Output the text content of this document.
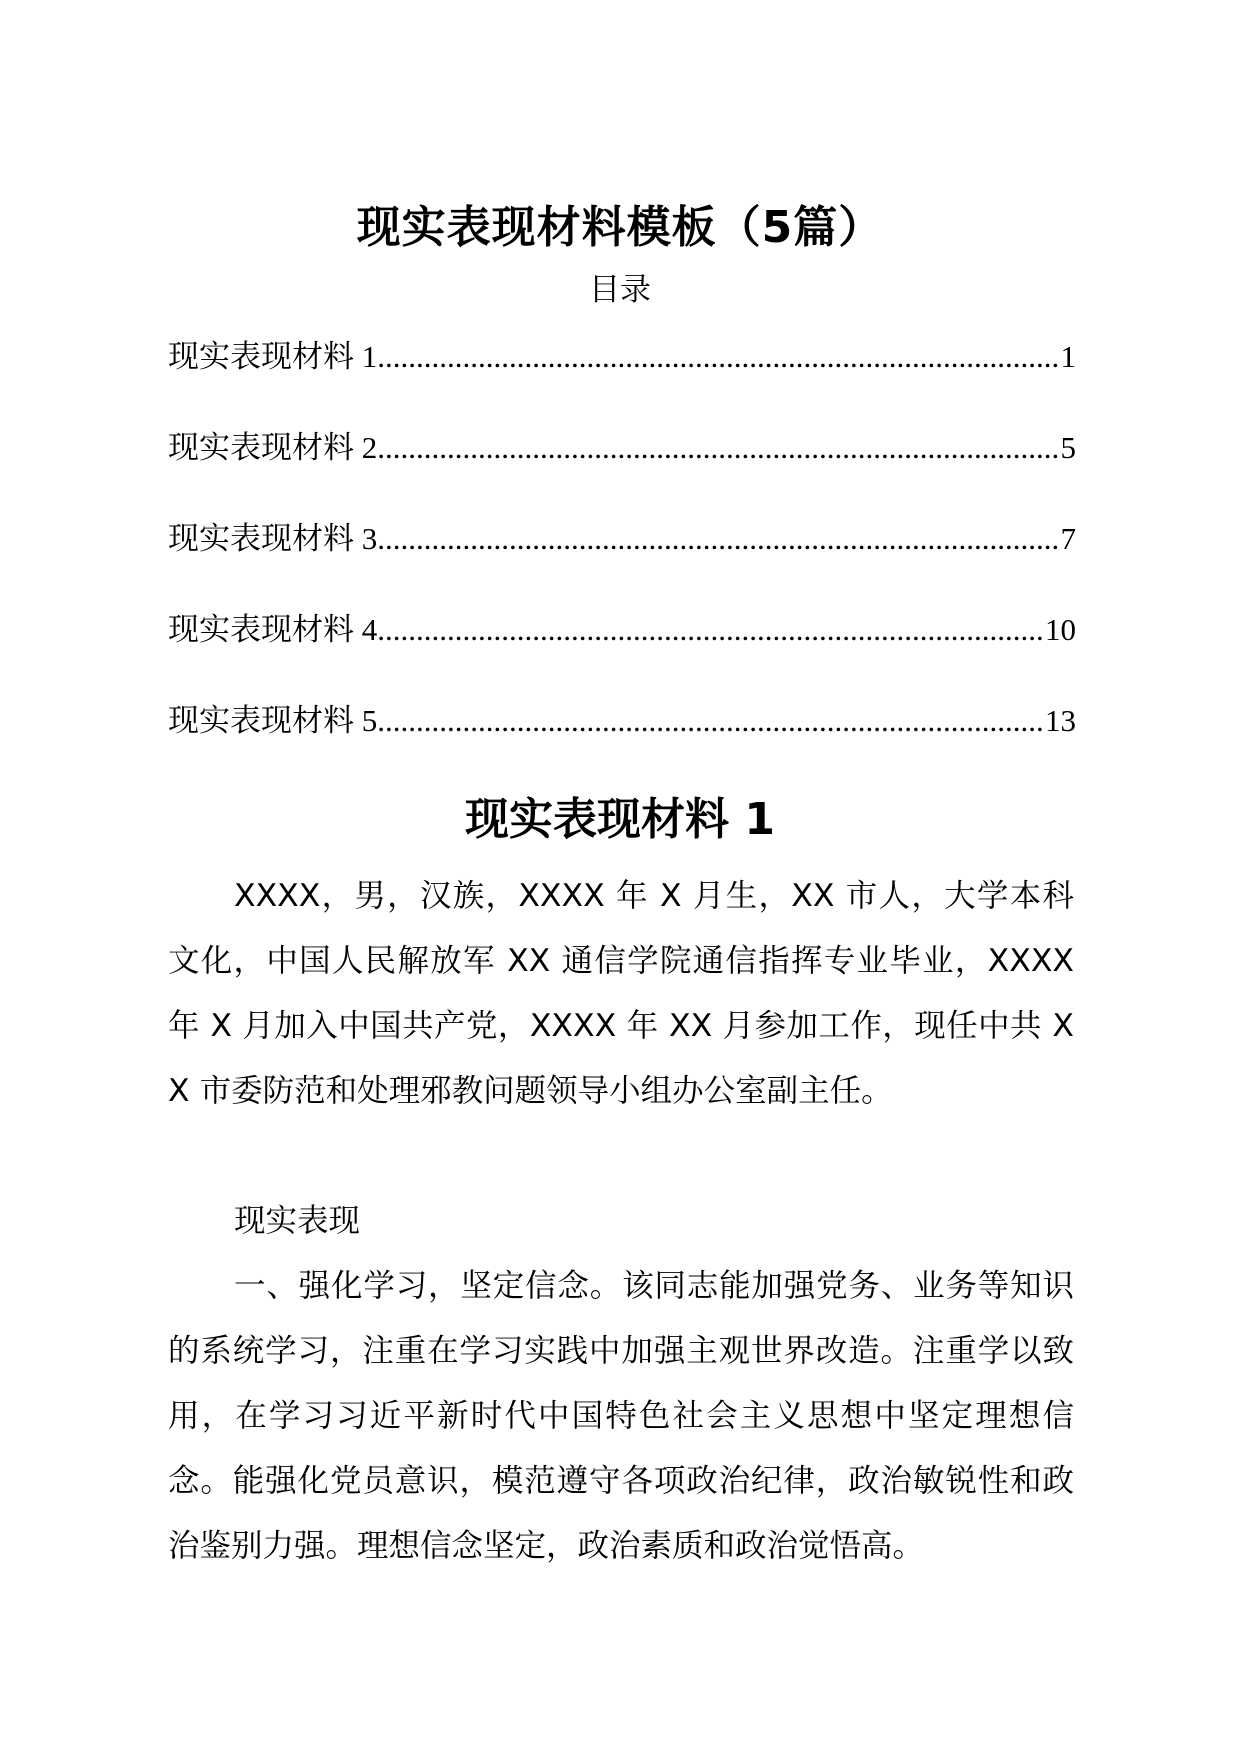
现实表现材料模板（5篇）
目录
现实表现材料 1 .....	1
现实表现材料 2 .....	5
现实表现材料 3 .....	7
现实表现材料 4 .....	10
现实表现材料 5 .....	13
现实表现材料 1
XXXX，男，汉族，XXXX 年 X 月生，XX 市人，大学本科文化，中国人民解放军 XX 通信学院通信指挥专业毕业，XXXX 年 X 月加入中国共产党，XXXX 年 XX 月参加工作，现任中共 XX 市委防范和处理邪教问题领导小组办公室副主任。
现实表现
一、强化学习，坚定信念。该同志能加强党务、业务等知识的系统学习，注重在学习实践中加强主观世界改造。注重学以致用，在学习习近平新时代中国特色社会主义思想中坚定理想信念。能强化党员意识，模范遵守各项政治纪律，政治敏锐性和政治鉴别力强。理想信念坚定，政治素质和政治觉悟高。
